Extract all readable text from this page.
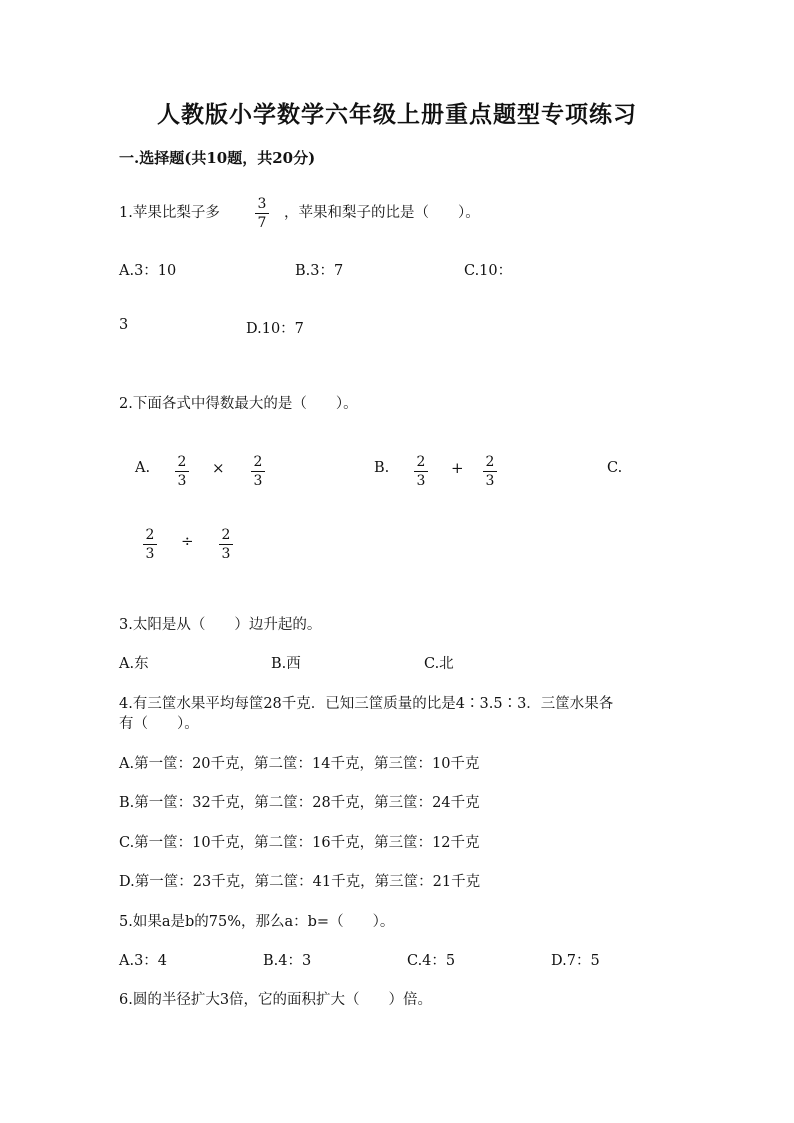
人教版小学数学六年级上册重点题型专项练习
一.选择题(共10题，共20分)
1.苹果比梨子多
3
7
，苹果和梨子的比是（　　）。
A.3：10	B.3：7	C.10：
3	D.10：7
2.下面各式中得数最大的是（　　）。
A. 2
3
× 2
3
B. 2
3
+ 2
3
C.
2
3
÷ 2
3
3.太阳是从（　　）边升起的。
A.东	B.西	C.北
4.有三筐水果平均每筐28千克．已知三筐质量的比是4∶3.5∶3．三筐水果各
有（　　）。
A.第一筐：20千克，第二筐：14千克，第三筐：10千克
B.第一筐：32千克，第二筐：28千克，第三筐：24千克
C.第一筐：10千克，第二筐：16千克，第三筐：12千克
D.第一筐：23千克，第二筐：41千克，第三筐：21千克
5.如果a是b的75%，那么a：b=（　　）。
A.3：4	B.4：3	C.4：5	D.7：5
6.圆的半径扩大3倍，它的面积扩大（　　）倍。
